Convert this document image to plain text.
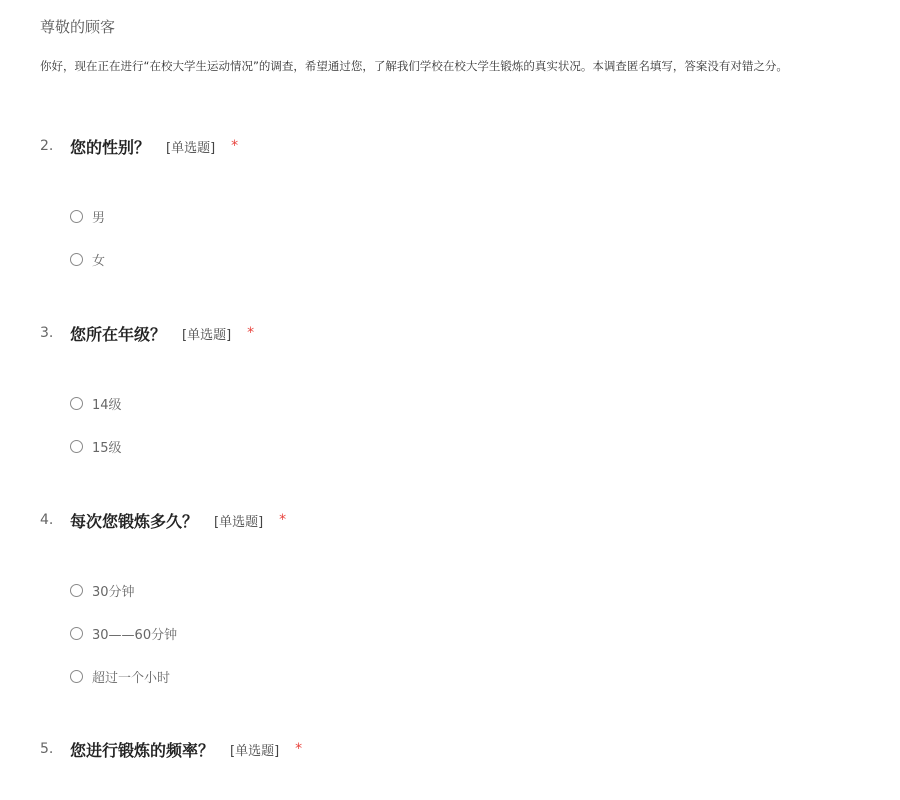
尊敬的顾客
你好，现在正在进行“在校大学生运动情况”的调查，希望通过您，了解我们学校在校大学生锻炼的真实状况。本调查匿名填写，答案没有对错之分。
2. 您的性别？ [单选题] *
男
女
3. 您所在年级？ [单选题] *
14级
15级
4. 每次您锻炼多久？ [单选题] *
30分钟
30——60分钟
超过一个小时
5. 您进行锻炼的频率？ [单选题] *
